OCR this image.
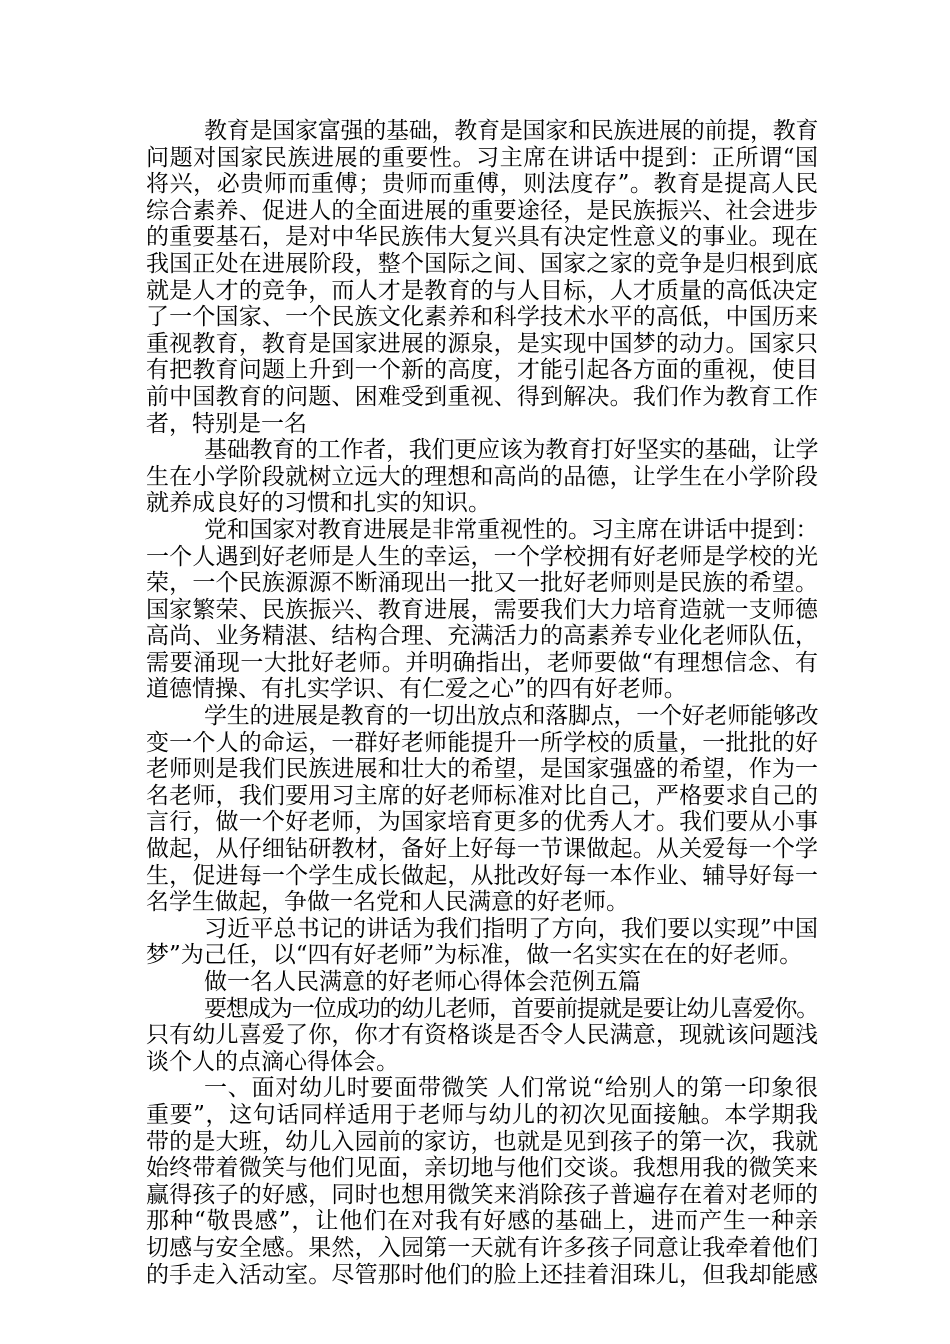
教育是国家富强的基础，教育是国家和民族进展的前提，教育
问题对国家民族进展的重要性。习主席在讲话中提到：正所谓“国
将兴，必贵师而重傅；贵师而重傅，则法度存”。教育是提高人民
综合素养、促进人的全面进展的重要途径，是民族振兴、社会进步
的重要基石，是对中华民族伟大复兴具有决定性意义的事业。现在
我国正处在进展阶段，整个国际之间、国家之家的竞争是归根到底
就是人才的竞争，而人才是教育的与人目标，人才质量的高低决定
了一个国家、一个民族文化素养和科学技术水平的高低，中国历来
重视教育，教育是国家进展的源泉，是实现中国梦的动力。国家只
有把教育问题上升到一个新的高度，才能引起各方面的重视，使目
前中国教育的问题、困难受到重视、得到解决。我们作为教育工作
者，特别是一名
基础教育的工作者，我们更应该为教育打好坚实的基础，让学
生在小学阶段就树立远大的理想和高尚的品德，让学生在小学阶段
就养成良好的习惯和扎实的知识。
党和国家对教育进展是非常重视性的。习主席在讲话中提到：
一个人遇到好老师是人生的幸运，一个学校拥有好老师是学校的光
荣，一个民族源源不断涌现出一批又一批好老师则是民族的希望。
国家繁荣、民族振兴、教育进展，需要我们大力培育造就一支师德
高尚、业务精湛、结构合理、充满活力的高素养专业化老师队伍，
需要涌现一大批好老师。并明确指出，老师要做“有理想信念、有
道德情操、有扎实学识、有仁爱之心”的四有好老师。
学生的进展是教育的一切出放点和落脚点，一个好老师能够改
变一个人的命运，一群好老师能提升一所学校的质量，一批批的好
老师则是我们民族进展和壮大的希望，是国家强盛的希望，作为一
名老师，我们要用习主席的好老师标准对比自己，严格要求自己的
言行，做一个好老师，为国家培育更多的优秀人才。我们要从小事
做起，从仔细钻研教材，备好上好每一节课做起。从关爱每一个学
生，促进每一个学生成长做起，从批改好每一本作业、辅导好每一
名学生做起，争做一名党和人民满意的好老师。
习近平总书记的讲话为我们指明了方向，我们要以实现”中国
梦”为己任，以“四有好老师”为标准，做一名实实在在的好老师。
做一名人民满意的好老师心得体会范例五篇
要想成为一位成功的幼儿老师，首要前提就是要让幼儿喜爱你。
只有幼儿喜爱了你，你才有资格谈是否令人民满意，现就该问题浅
谈个人的点滴心得体会。
一、面对幼儿时要面带微笑 人们常说“给别人的第一印象很
重要”，这句话同样适用于老师与幼儿的初次见面接触。本学期我
带的是大班，幼儿入园前的家访，也就是见到孩子的第一次，我就
始终带着微笑与他们见面，亲切地与他们交谈。我想用我的微笑来
赢得孩子的好感，同时也想用微笑来消除孩子普遍存在着对老师的
那种“敬畏感”，让他们在对我有好感的基础上，进而产生一种亲
切感与安全感。果然，入园第一天就有许多孩子同意让我牵着他们
的手走入活动室。尽管那时他们的脸上还挂着泪珠儿，但我却能感
